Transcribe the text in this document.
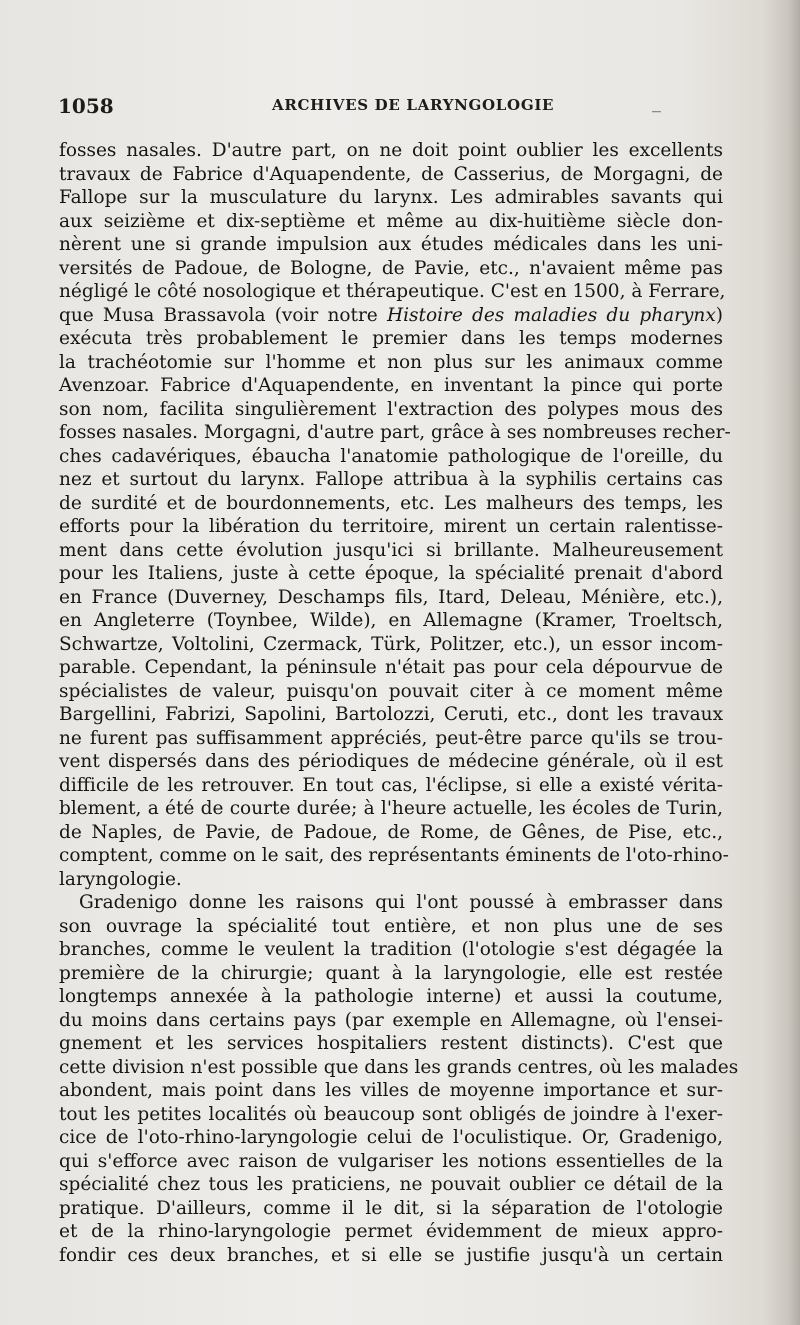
1058	ARCHIVES DE LARYNGOLOGIE	_
fosses nasales. D'autre part, on ne doit point oublier les excellents
travaux de Fabrice d'Aquapendente, de Casserius, de Morgagni, de
Fallope sur la musculature du larynx. Les admirables savants qui
aux seizième et dix-septième et même au dix-huitième siècle don-
nèrent une si grande impulsion aux études médicales dans les uni-
versités de Padoue, de Bologne, de Pavie, etc., n'avaient même pas
négligé le côté nosologique et thérapeutique. C'est en 1500, à Ferrare,
que Musa Brassavola (voir notre Histoire des maladies du pharynx)
exécuta très probablement le premier dans les temps modernes
la trachéotomie sur l'homme et non plus sur les animaux comme
Avenzoar. Fabrice d'Aquapendente, en inventant la pince qui porte
son nom, facilita singulièrement l'extraction des polypes mous des
fosses nasales. Morgagni, d'autre part, grâce à ses nombreuses recher-
ches cadavériques, ébaucha l'anatomie pathologique de l'oreille, du
nez et surtout du larynx. Fallope attribua à la syphilis certains cas
de surdité et de bourdonnements, etc. Les malheurs des temps, les
efforts pour la libération du territoire, mirent un certain ralentisse-
ment dans cette évolution jusqu'ici si brillante. Malheureusement
pour les Italiens, juste à cette époque, la spécialité prenait d'abord
en France (Duverney, Deschamps fils, Itard, Deleau, Ménière, etc.),
en Angleterre (Toynbee, Wilde), en Allemagne (Kramer, Troeltsch,
Schwartze, Voltolini, Czermack, Türk, Politzer, etc.), un essor incom-
parable. Cependant, la péninsule n'était pas pour cela dépourvue de
spécialistes de valeur, puisqu'on pouvait citer à ce moment même
Bargellini, Fabrizi, Sapolini, Bartolozzi, Ceruti, etc., dont les travaux
ne furent pas suffisamment appréciés, peut-être parce qu'ils se trou-
vent dispersés dans des périodiques de médecine générale, où il est
difficile de les retrouver. En tout cas, l'éclipse, si elle a existé vérita-
blement, a été de courte durée; à l'heure actuelle, les écoles de Turin,
de Naples, de Pavie, de Padoue, de Rome, de Gênes, de Pise, etc.,
comptent, comme on le sait, des représentants éminents de l'oto-rhino-
laryngologie.
Gradenigo donne les raisons qui l'ont poussé à embrasser dans
son ouvrage la spécialité tout entière, et non plus une de ses
branches, comme le veulent la tradition (l'otologie s'est dégagée la
première de la chirurgie; quant à la laryngologie, elle est restée
longtemps annexée à la pathologie interne) et aussi la coutume,
du moins dans certains pays (par exemple en Allemagne, où l'ensei-
gnement et les services hospitaliers restent distincts). C'est que
cette division n'est possible que dans les grands centres, où les malades
abondent, mais point dans les villes de moyenne importance et sur-
tout les petites localités où beaucoup sont obligés de joindre à l'exer-
cice de l'oto-rhino-laryngologie celui de l'oculistique. Or, Gradenigo,
qui s'efforce avec raison de vulgariser les notions essentielles de la
spécialité chez tous les praticiens, ne pouvait oublier ce détail de la
pratique. D'ailleurs, comme il le dit, si la séparation de l'otologie
et de la rhino-laryngologie permet évidemment de mieux appro-
fondir ces deux branches, et si elle se justifie jusqu'à un certain
